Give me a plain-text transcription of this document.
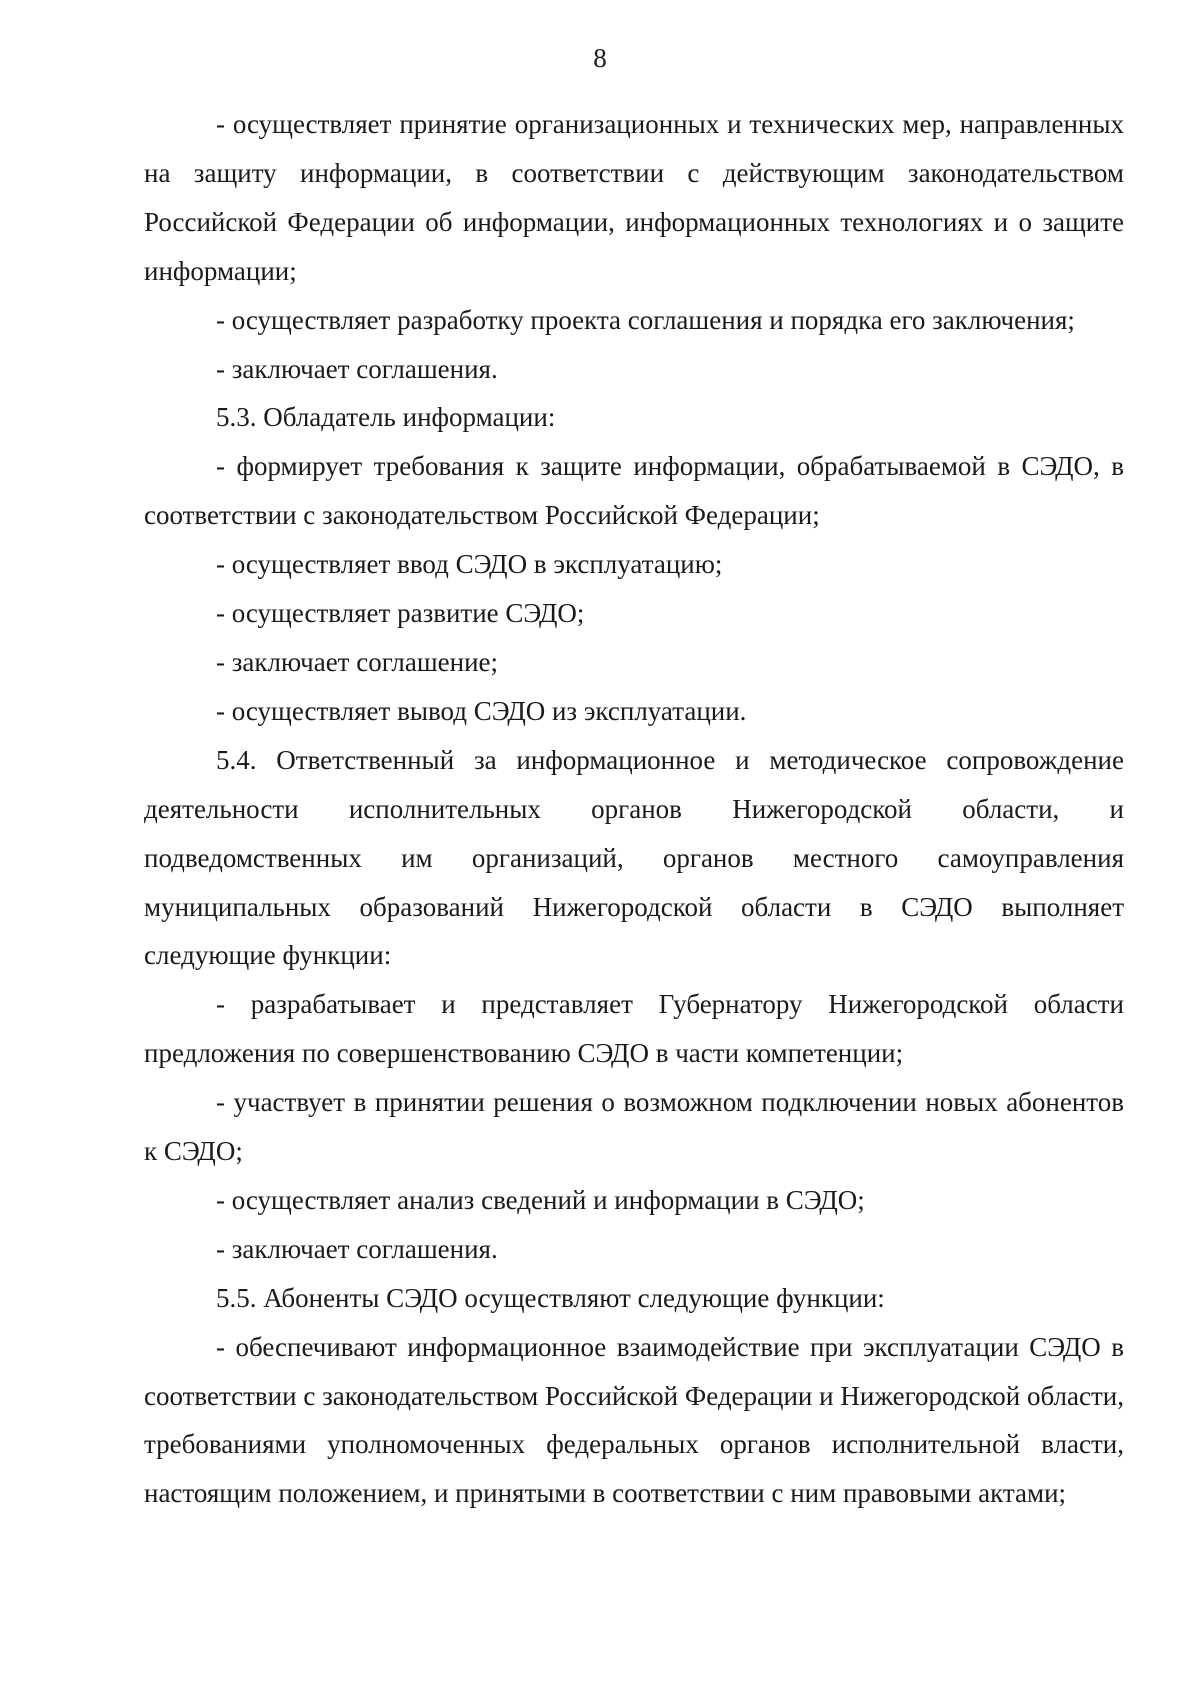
8

- осуществляет принятие организационных и технических мер, направленных на защиту информации, в соответствии с действующим законодательством Российской Федерации об информации, информационных технологиях и о защите информации;

- осуществляет разработку проекта соглашения и порядка его заключения;

- заключает соглашения.

5.3. Обладатель информации:

- формирует требования к защите информации, обрабатываемой в СЭДО, в соответствии с законодательством Российской Федерации;

- осуществляет ввод СЭДО в эксплуатацию;

- осуществляет развитие СЭДО;

- заключает соглашение;

- осуществляет вывод СЭДО из эксплуатации.

5.4. Ответственный за информационное и методическое сопровождение деятельности исполнительных органов Нижегородской области, и подведомственных им организаций, органов местного самоуправления муниципальных образований Нижегородской области в СЭДО выполняет следующие функции:

- разрабатывает и представляет Губернатору Нижегородской области предложения по совершенствованию СЭДО в части компетенции;

- участвует в принятии решения о возможном подключении новых абонентов к СЭДО;

- осуществляет анализ сведений и информации в СЭДО;

- заключает соглашения.

5.5. Абоненты СЭДО осуществляют следующие функции:

- обеспечивают информационное взаимодействие при эксплуатации СЭДО в соответствии с законодательством Российской Федерации и Нижегородской области, требованиями уполномоченных федеральных органов исполнительной власти, настоящим положением, и принятыми в соответствии с ним правовыми актами;
